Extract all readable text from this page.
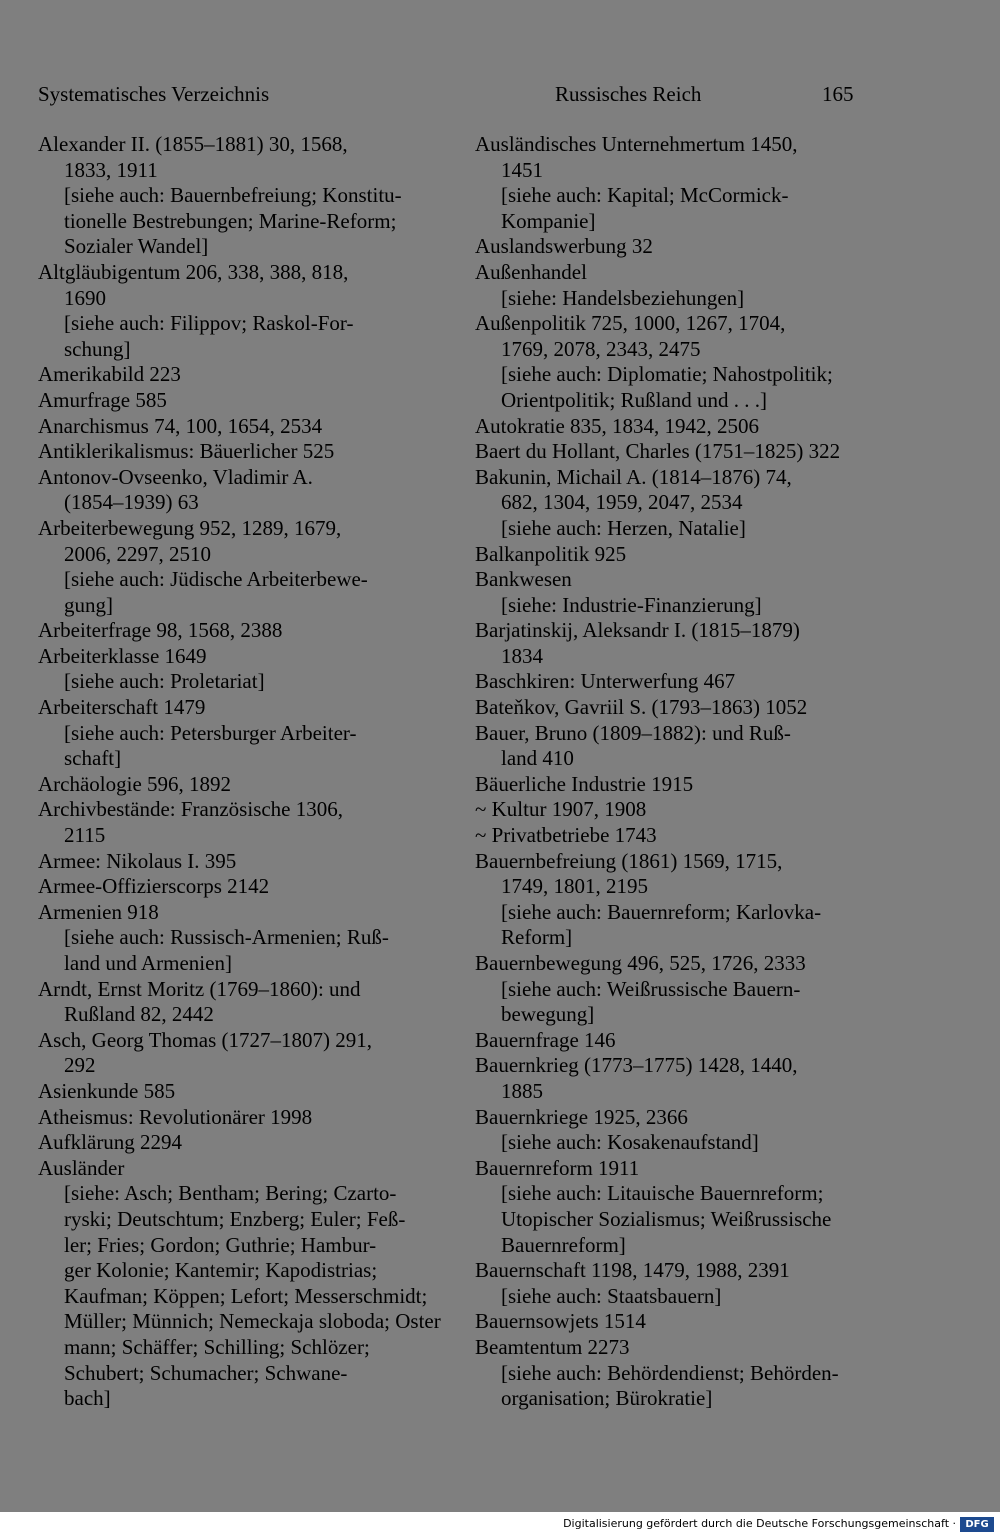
Systematisches Verzeichnis	Russisches Reich	165
Alexander II. (1855–1881) 30, 1568,
1833, 1911
[siehe auch: Bauernbefreiung; Konstitu-
tionelle Bestrebungen; Marine-Reform;
Sozialer Wandel]
Altgläubigentum 206, 338, 388, 818,
1690
[siehe auch: Filippov; Raskol-For-
schung]
Amerikabild 223
Amurfrage 585
Anarchismus 74, 100, 1654, 2534
Antiklerikalismus: Bäuerlicher 525
Antonov-Ovseenko, Vladimir A.
(1854–1939) 63
Arbeiterbewegung 952, 1289, 1679,
2006, 2297, 2510
[siehe auch: Jüdische Arbeiterbewe-
gung]
Arbeiterfrage 98, 1568, 2388
Arbeiterklasse 1649
[siehe auch: Proletariat]
Arbeiterschaft 1479
[siehe auch: Petersburger Arbeiter-
schaft]
Archäologie 596, 1892
Archivbestände: Französische 1306,
2115
Armee: Nikolaus I. 395
Armee-Offizierscorps 2142
Armenien 918
[siehe auch: Russisch-Armenien; Ruß-
land und Armenien]
Arndt, Ernst Moritz (1769–1860): und
Rußland 82, 2442
Asch, Georg Thomas (1727–1807) 291,
292
Asienkunde 585
Atheismus: Revolutionärer 1998
Aufklärung 2294
Ausländer
[siehe: Asch; Bentham; Bering; Czarto-
ryski; Deutschtum; Enzberg; Euler; Feß-
ler; Fries; Gordon; Guthrie; Hambur-
ger Kolonie; Kantemir; Kapodistrias;
Kaufman; Köppen; Lefort; Messerschmidt;
Müller; Münnich; Nemeckaja sloboda; Oster
mann; Schäffer; Schilling; Schlözer;
Schubert; Schumacher; Schwane-
bach]
Ausländisches Unternehmertum 1450,
1451
[siehe auch: Kapital; McCormick-
Kompanie]
Auslandswerbung 32
Außenhandel
[siehe: Handelsbeziehungen]
Außenpolitik 725, 1000, 1267, 1704,
1769, 2078, 2343, 2475
[siehe auch: Diplomatie; Nahostpolitik;
Orientpolitik; Rußland und . . .]
Autokratie 835, 1834, 1942, 2506
Baert du Hollant, Charles (1751–1825) 322
Bakunin, Michail A. (1814–1876) 74,
682, 1304, 1959, 2047, 2534
[siehe auch: Herzen, Natalie]
Balkanpolitik 925
Bankwesen
[siehe: Industrie-Finanzierung]
Barjatinskij, Aleksandr I. (1815–1879)
1834
Baschkiren: Unterwerfung 467
Bateňkov, Gavriil S. (1793–1863) 1052
Bauer, Bruno (1809–1882): und Ruß-
land 410
Bäuerliche Industrie 1915
~ Kultur 1907, 1908
~ Privatbetriebe 1743
Bauernbefreiung (1861) 1569, 1715,
1749, 1801, 2195
[siehe auch: Bauernreform; Karlovka-
Reform]
Bauernbewegung 496, 525, 1726, 2333
[siehe auch: Weißrussische Bauern-
bewegung]
Bauernfrage 146
Bauernkrieg (1773–1775) 1428, 1440,
1885
Bauernkriege 1925, 2366
[siehe auch: Kosakenaufstand]
Bauernreform 1911
[siehe auch: Litauische Bauernreform;
Utopischer Sozialismus; Weißrussische
Bauernreform]
Bauernschaft 1198, 1479, 1988, 2391
[siehe auch: Staatsbauern]
Bauernsowjets 1514
Beamtentum 2273
[siehe auch: Behördendienst; Behörden-
organisation; Bürokratie]
Digitalisierung gefördert durch die Deutsche Forschungsgemeinschaft · DFG
